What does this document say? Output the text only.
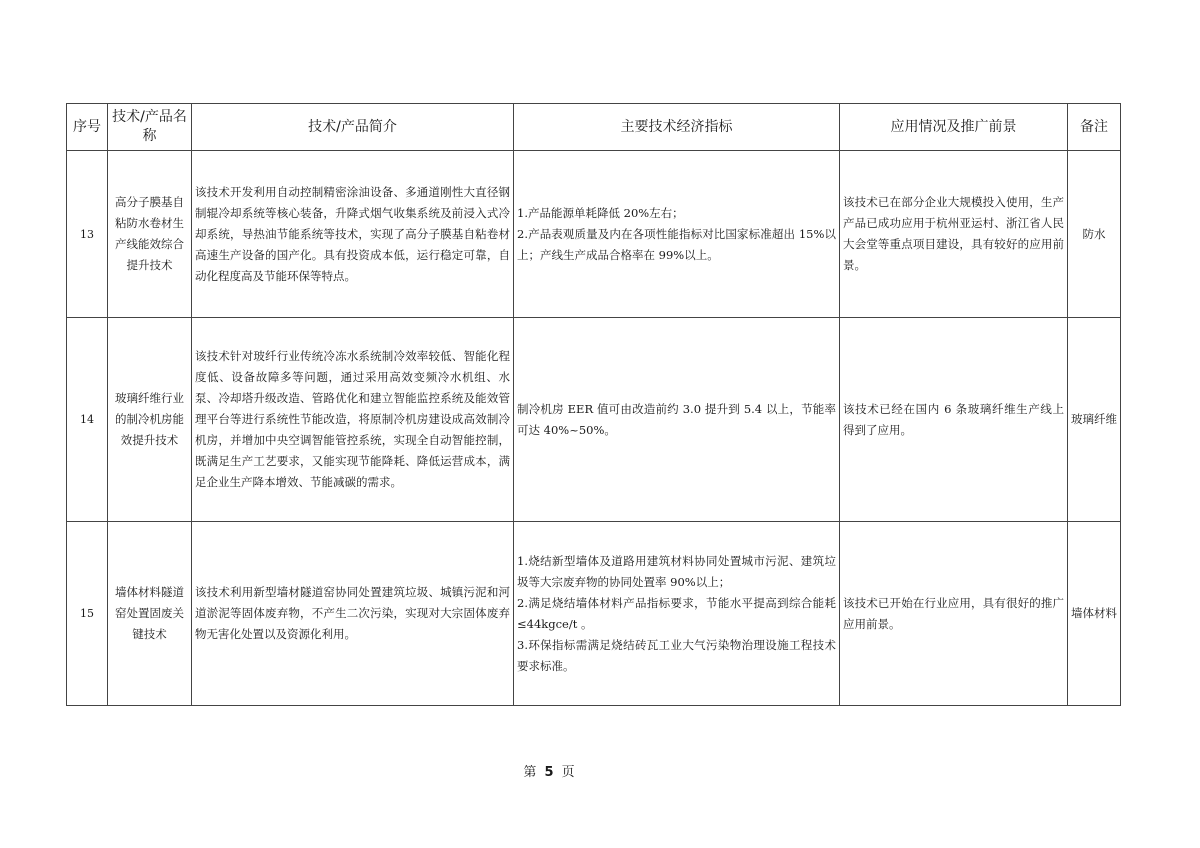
序号	技术/产品名称	技术/产品简介	主要技术经济指标	应用情况及推广前景	备注
13	高分子膜基自粘防水卷材生产线能效综合提升技术	该技术开发利用自动控制精密涂油设备、多通道刚性大直径钢制辊冷却系统等核心装备，升降式烟气收集系统及前浸入式冷却系统，导热油节能系统等技术，实现了高分子膜基自粘卷材高速生产设备的国产化。具有投资成本低，运行稳定可靠，自动化程度高及节能环保等特点。	1.产品能源单耗降低 20%左右；
2.产品表观质量及内在各项性能指标对比国家标准超出 15%以上；产线生产成品合格率在 99%以上。	该技术已在部分企业大规模投入使用，生产产品已成功应用于杭州亚运村、浙江省人民大会堂等重点项目建设，具有较好的应用前景。	防水
14	玻璃纤维行业的制冷机房能效提升技术	该技术针对玻纤行业传统冷冻水系统制冷效率较低、智能化程度低、设备故障多等问题，通过采用高效变频冷水机组、水泵、冷却塔升级改造、管路优化和建立智能监控系统及能效管理平台等进行系统性节能改造，将原制冷机房建设成高效制冷机房，并增加中央空调智能管控系统，实现全自动智能控制，既满足生产工艺要求，又能实现节能降耗、降低运营成本，满足企业生产降本增效、节能减碳的需求。	制冷机房 EER 值可由改造前约 3.0 提升到 5.4 以上，节能率可达 40%~50%。	该技术已经在国内 6 条玻璃纤维生产线上得到了应用。	玻璃纤维
15	墙体材料隧道窑处置固废关键技术	该技术利用新型墙材隧道窑协同处置建筑垃圾、城镇污泥和河道淤泥等固体废弃物，不产生二次污染，实现对大宗固体废弃物无害化处置以及资源化利用。	1.烧结新型墙体及道路用建筑材料协同处置城市污泥、建筑垃圾等大宗废弃物的协同处置率 90%以上；
2.满足烧结墙体材料产品指标要求，节能水平提高到综合能耗 ≤44kgce/t 。
3.环保指标需满足烧结砖瓦工业大气污染物治理设施工程技术要求标准。	该技术已开始在行业应用，具有很好的推广应用前景。	墙体材料
第 5 页
